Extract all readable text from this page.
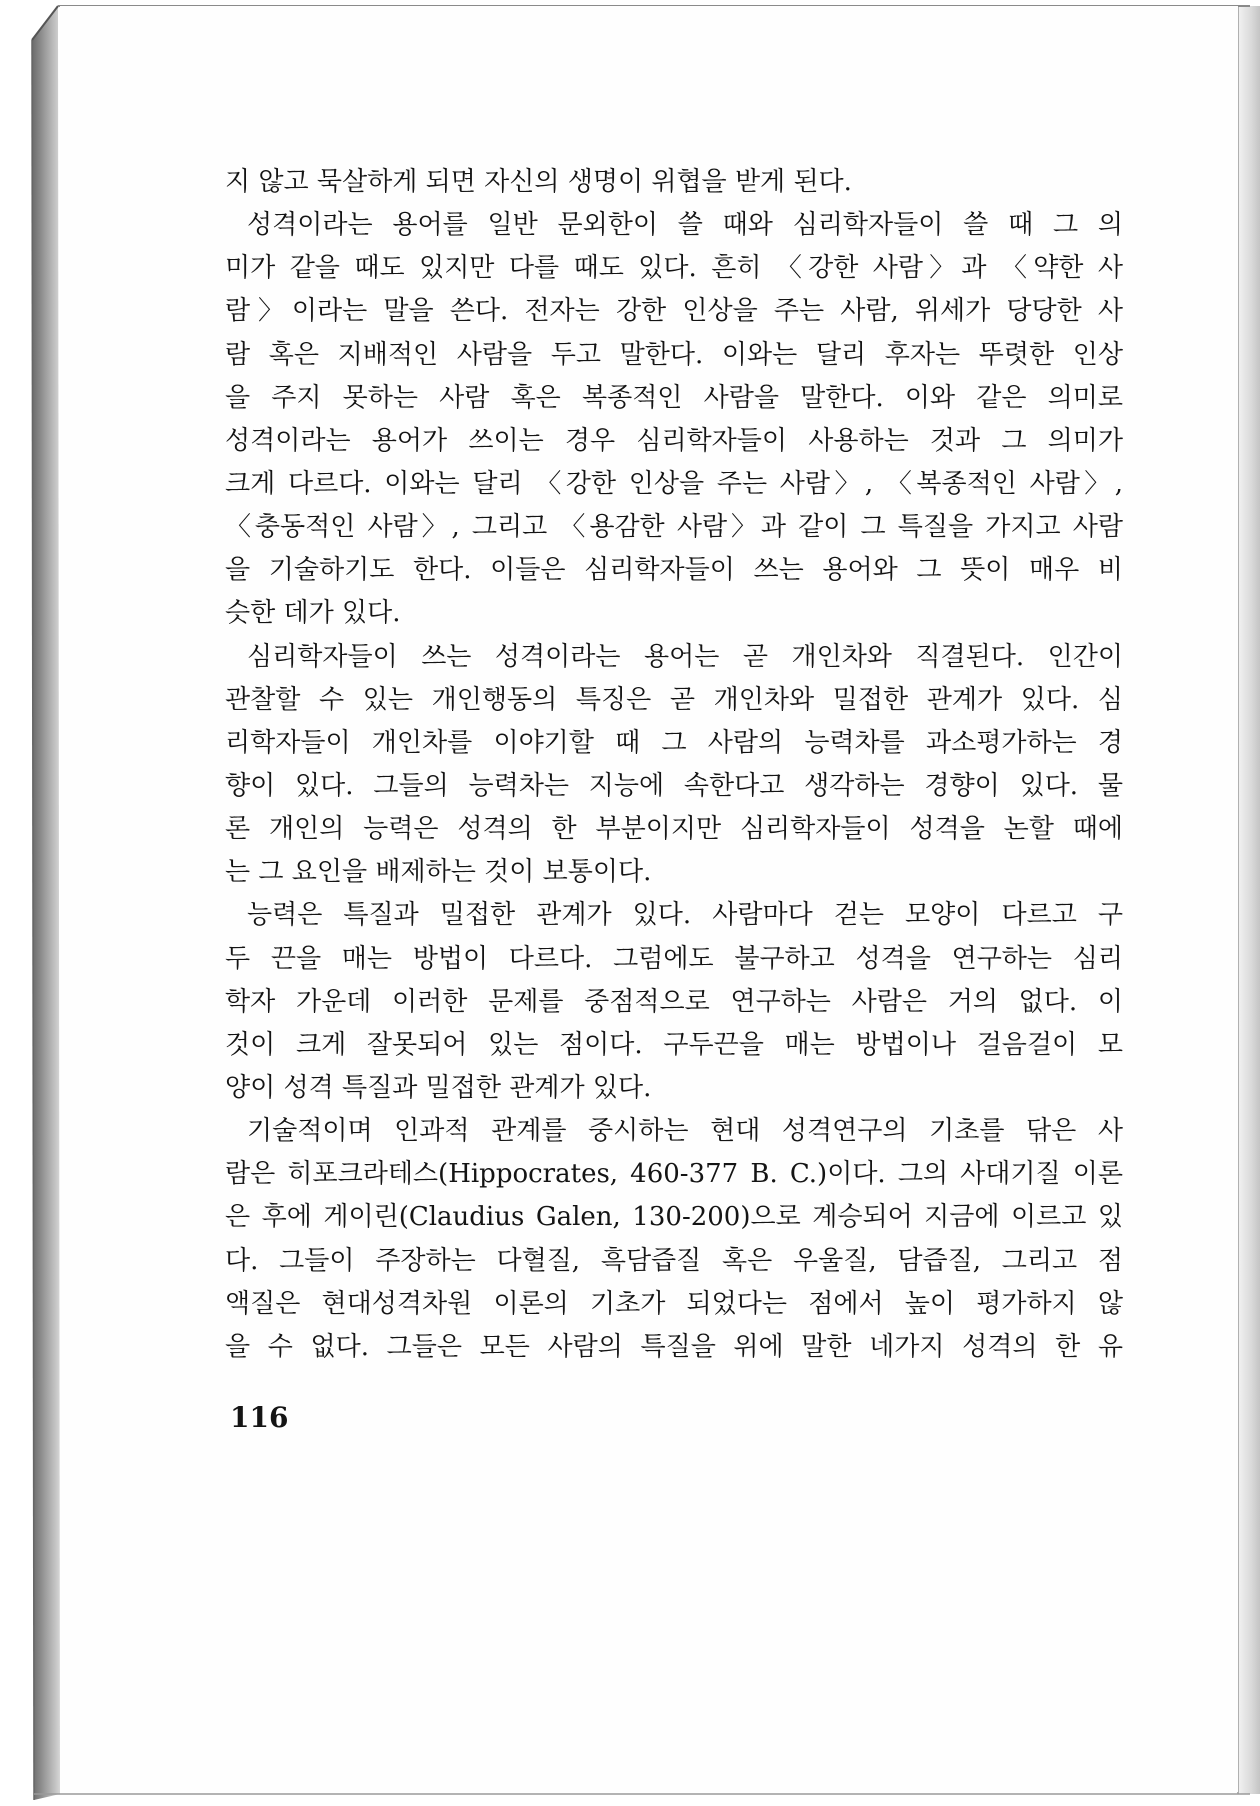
지 않고 묵살하게 되면 자신의 생명이 위협을 받게 된다.
성격이라는 용어를 일반 문외한이 쓸 때와 심리학자들이 쓸 때 그 의
미가 같을 때도 있지만 다를 때도 있다. 흔히 〈강한 사람〉과 〈약한 사
람〉이라는 말을 쓴다. 전자는 강한 인상을 주는 사람, 위세가 당당한 사
람 혹은 지배적인 사람을 두고 말한다. 이와는 달리 후자는 뚜렷한 인상
을 주지 못하는 사람 혹은 복종적인 사람을 말한다. 이와 같은 의미로
성격이라는 용어가 쓰이는 경우 심리학자들이 사용하는 것과 그 의미가
크게 다르다. 이와는 달리 〈강한 인상을 주는 사람〉, 〈복종적인 사람〉,
〈충동적인 사람〉, 그리고 〈용감한 사람〉과 같이 그 특질을 가지고 사람
을 기술하기도 한다. 이들은 심리학자들이 쓰는 용어와 그 뜻이 매우 비
슷한 데가 있다.
심리학자들이 쓰는 성격이라는 용어는 곧 개인차와 직결된다. 인간이
관찰할 수 있는 개인행동의 특징은 곧 개인차와 밀접한 관계가 있다. 심
리학자들이 개인차를 이야기할 때 그 사람의 능력차를 과소평가하는 경
향이 있다. 그들의 능력차는 지능에 속한다고 생각하는 경향이 있다. 물
론 개인의 능력은 성격의 한 부분이지만 심리학자들이 성격을 논할 때에
는 그 요인을 배제하는 것이 보통이다.
능력은 특질과 밀접한 관계가 있다. 사람마다 걷는 모양이 다르고 구
두 끈을 매는 방법이 다르다. 그럼에도 불구하고 성격을 연구하는 심리
학자 가운데 이러한 문제를 중점적으로 연구하는 사람은 거의 없다. 이
것이 크게 잘못되어 있는 점이다. 구두끈을 매는 방법이나 걸음걸이 모
양이 성격 특질과 밀접한 관계가 있다.
기술적이며 인과적 관계를 중시하는 현대 성격연구의 기초를 닦은 사
람은 히포크라테스(Hippocrates, 460-377 B. C.)이다. 그의 사대기질 이론
은 후에 게이린(Claudius Galen, 130-200)으로 계승되어 지금에 이르고 있
다. 그들이 주장하는 다혈질, 흑담즙질 혹은 우울질, 담즙질, 그리고 점
액질은 현대성격차원 이론의 기초가 되었다는 점에서 높이 평가하지 않
을 수 없다. 그들은 모든 사람의 특질을 위에 말한 네가지 성격의 한 유
116
